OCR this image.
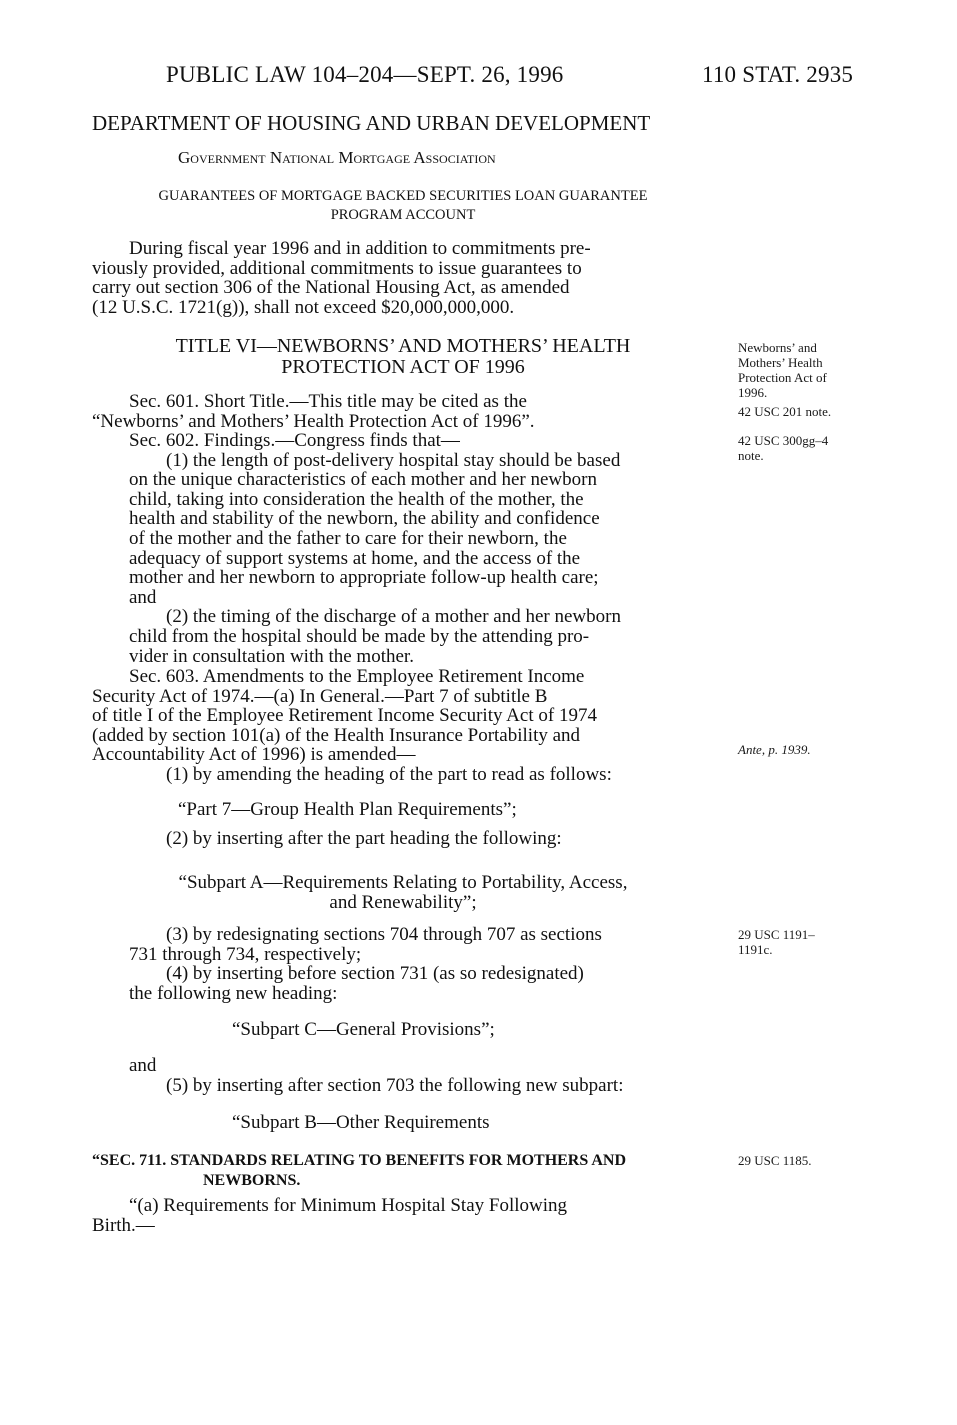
PUBLIC LAW 104–204—SEPT. 26, 1996	110 STAT. 2935
DEPARTMENT OF HOUSING AND URBAN DEVELOPMENT
Government National Mortgage Association
GUARANTEES OF MORTGAGE BACKED SECURITIES LOAN GUARANTEE
PROGRAM ACCOUNT
During fiscal year 1996 and in addition to commitments pre-
viously provided, additional commitments to issue guarantees to
carry out section 306 of the National Housing Act, as amended
(12 U.S.C. 1721(g)), shall not exceed $20,000,000,000.
TITLE VI—NEWBORNS’ AND MOTHERS’ HEALTH
PROTECTION ACT OF 1996
Sec. 601. Short Title.—This title may be cited as the
“Newborns’ and Mothers’ Health Protection Act of 1996”.
Sec. 602. Findings.—Congress finds that—
(1) the length of post-delivery hospital stay should be based
on the unique characteristics of each mother and her newborn
child, taking into consideration the health of the mother, the
health and stability of the newborn, the ability and confidence
of the mother and the father to care for their newborn, the
adequacy of support systems at home, and the access of the
mother and her newborn to appropriate follow-up health care;
and
(2) the timing of the discharge of a mother and her newborn
child from the hospital should be made by the attending pro-
vider in consultation with the mother.
Sec. 603. Amendments to the Employee Retirement Income
Security Act of 1974.—(a) In General.—Part 7 of subtitle B
of title I of the Employee Retirement Income Security Act of 1974
(added by section 101(a) of the Health Insurance Portability and
Accountability Act of 1996) is amended—
(1) by amending the heading of the part to read as follows:
“Part 7—Group Health Plan Requirements”;
(2) by inserting after the part heading the following:
“Subpart A—Requirements Relating to Portability, Access,
and Renewability”;
(3) by redesignating sections 704 through 707 as sections
731 through 734, respectively;
(4) by inserting before section 731 (as so redesignated)
the following new heading:
“Subpart C—General Provisions”;
and
(5) by inserting after section 703 the following new subpart:
“Subpart B—Other Requirements
“SEC. 711. STANDARDS RELATING TO BENEFITS FOR MOTHERS AND
NEWBORNS.
“(a) Requirements for Minimum Hospital Stay Following
Birth.—
Newborns’ and
Mothers’ Health
Protection Act of
1996.
42 USC 201 note.
42 USC 300gg–4
note.
Ante, p. 1939.
29 USC 1191–
1191c.
29 USC 1185.
